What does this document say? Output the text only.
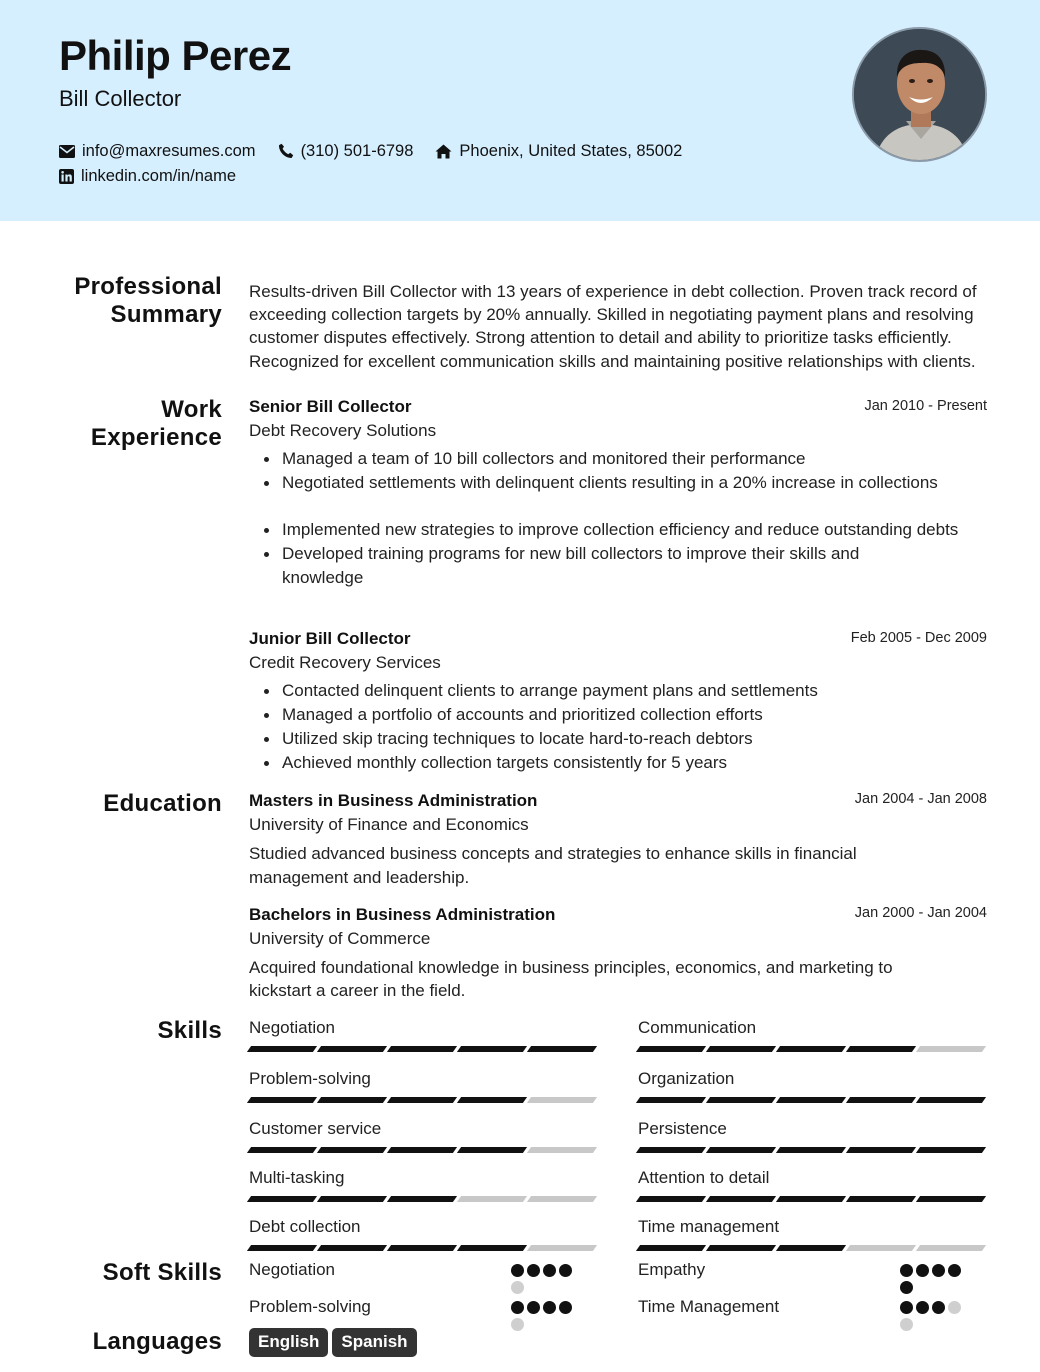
Philip Perez
Bill Collector
info@maxresumes.com	(310) 501-6798	Phoenix, United States, 85002
linkedin.com/in/name
Professional
Summary
Results-driven Bill Collector with 13 years of experience in debt collection. Proven track record of exceeding collection targets by 20% annually. Skilled in negotiating payment plans and resolving customer disputes effectively. Strong attention to detail and ability to prioritize tasks efficiently. Recognized for excellent communication skills and maintaining positive relationships with clients.
Work
Experience
Jan 2010 - Present
Senior Bill Collector
Debt Recovery Solutions
Managed a team of 10 bill collectors and monitored their performance
Negotiated settlements with delinquent clients resulting in a 20% increase in collections
Implemented new strategies to improve collection efficiency and reduce outstanding debts
Developed training programs for new bill collectors to improve their skills and knowledge
Feb 2005 - Dec 2009
Junior Bill Collector
Credit Recovery Services
Contacted delinquent clients to arrange payment plans and settlements
Managed a portfolio of accounts and prioritized collection efforts
Utilized skip tracing techniques to locate hard-to-reach debtors
Achieved monthly collection targets consistently for 5 years
Education	Jan 2004 - Jan 2008
Masters in Business Administration
University of Finance and Economics
Studied advanced business concepts and strategies to enhance skills in financial management and leadership.
Jan 2000 - Jan 2004
Bachelors in Business Administration
University of Commerce
Acquired foundational knowledge in business principles, economics, and marketing to kickstart a career in the field.
Skills Negotiation	Communication
Problem-solving	Organization
Customer service	Persistence
Multi-tasking	Attention to detail
Debt collection	Time management
Soft Skills Negotiation	Empathy
Problem-solving	Time Management
Languages	English Spanish
